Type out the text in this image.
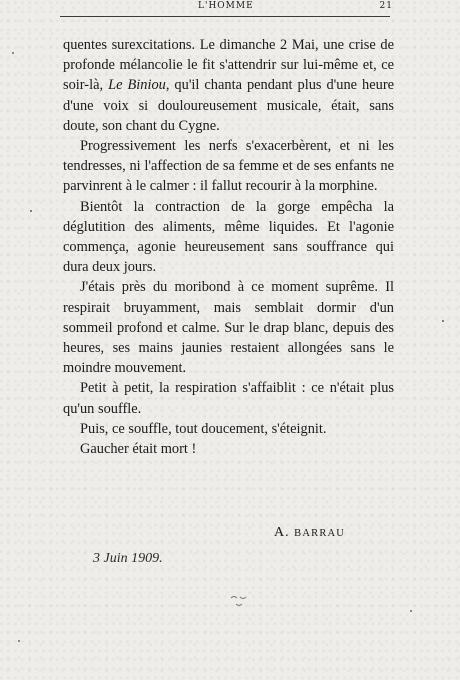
L'HOMME	21

quentes surexcitations. Le dimanche 2 Mai, une crise de profonde mélancolie le fit s'attendrir sur lui-même et, ce soir-là, Le Biniou, qu'il chanta pendant plus d'une heure d'une voix si douloureusement musicale, était, sans doute, son chant du Cygne.

Progressivement les nerfs s'exacerbèrent, et ni les tendresses, ni l'affection de sa femme et de ses enfants ne parvinrent à le calmer : il fallut recourir à la morphine.

Bientôt la contraction de la gorge empêcha la déglutition des aliments, même liquides. Et l'agonie commença, agonie heureusement sans souffrance qui dura deux jours.

J'étais près du moribond à ce moment suprême. Il respirait bruyamment, mais semblait dormir d'un sommeil profond et calme. Sur le drap blanc, depuis des heures, ses mains jaunies restaient allongées sans le moindre mouvement.

Petit à petit, la respiration s'affaiblit : ce n'était plus qu'un souffle.

Puis, ce souffle, tout doucement, s'éteignit.

Gaucher était mort !

A. BARRAU
3 Juin 1909.
